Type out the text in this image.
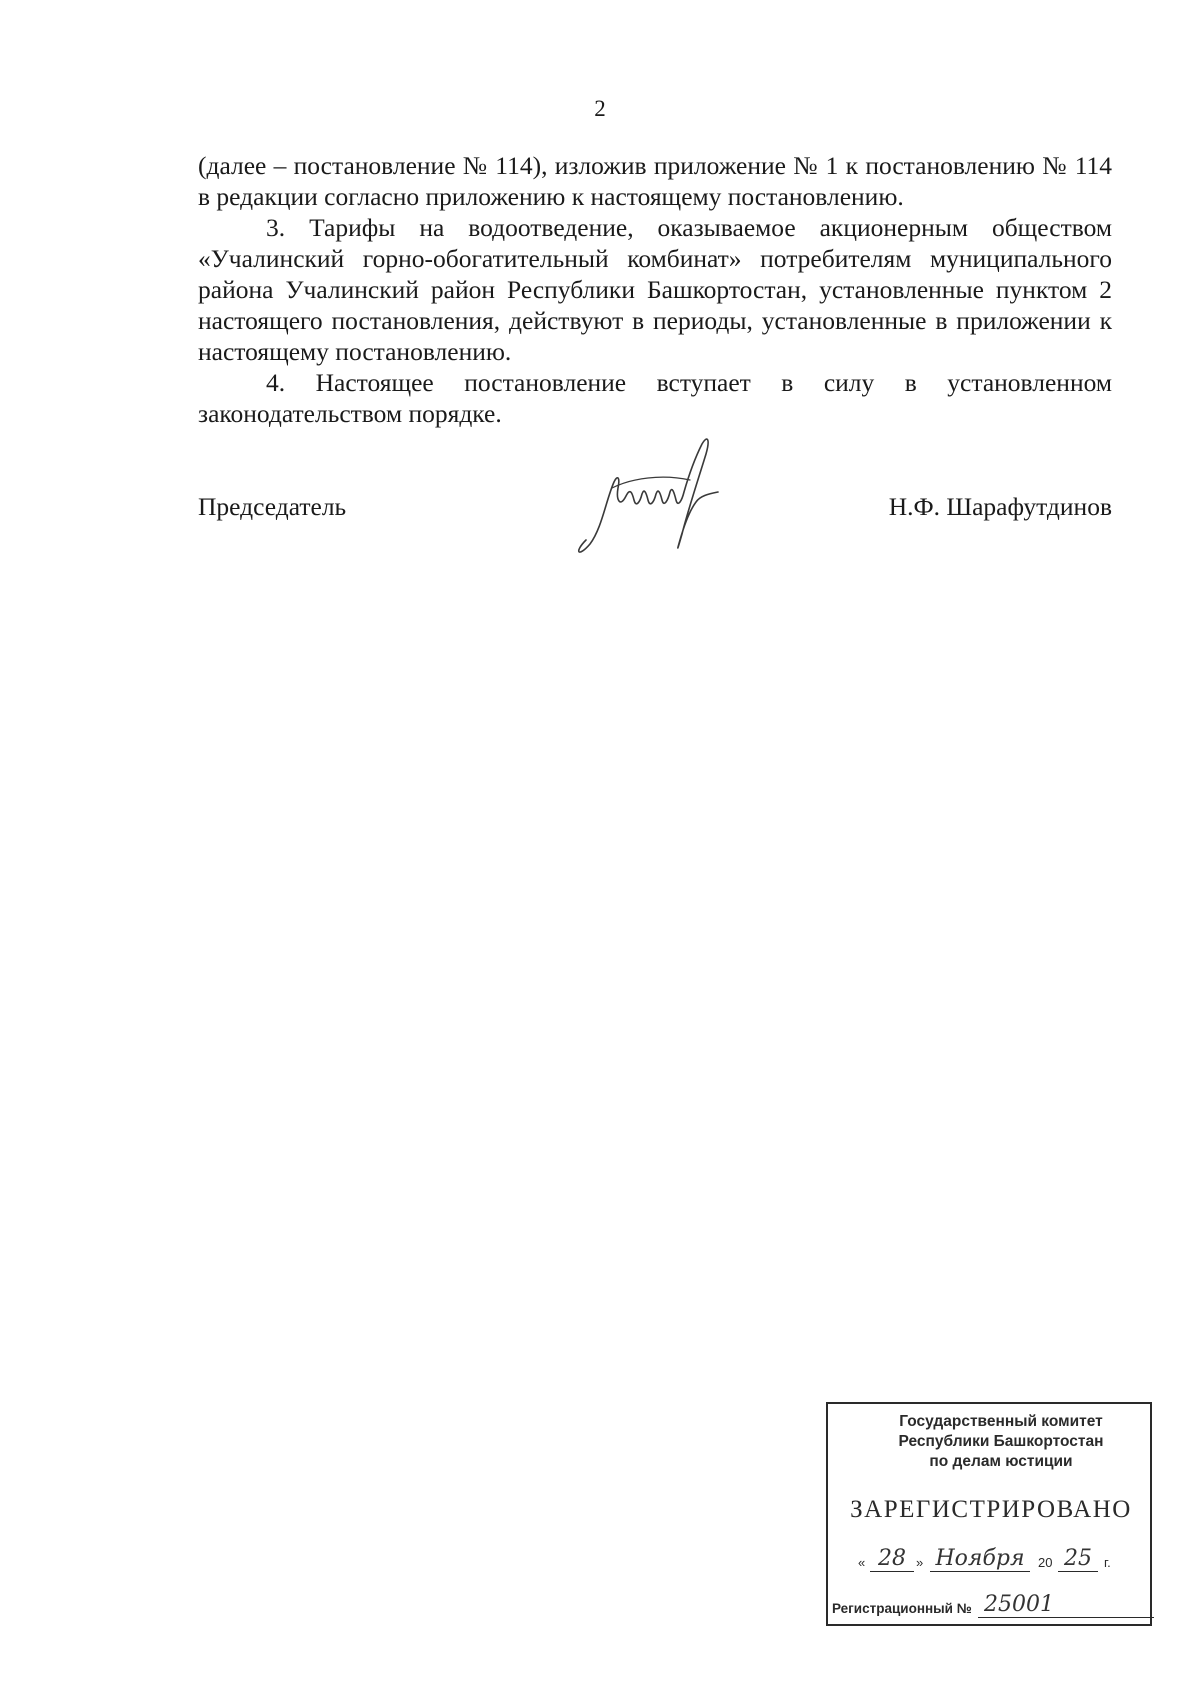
2

(далее – постановление № 114), изложив приложение № 1 к постановлению № 114 в редакции согласно приложению к настоящему постановлению.

3. Тарифы на водоотведение, оказываемое акционерным обществом «Учалинский горно-обогатительный комбинат» потребителям муниципального района Учалинский район Республики Башкортостан, установленные пунктом 2 настоящего постановления, действуют в периоды, установленные в приложении к настоящему постановлению.

4. Настоящее постановление вступает в силу в установленном законодательством порядке.

Председатель	Н.Ф. Шарафутдинов
Государственный комитет
Республики Башкортостан
по делам юстиции
ЗАРЕГИСТРИРОВАНО
« 28 » Ноября	20 25 г.
Регистрационный № 25001
